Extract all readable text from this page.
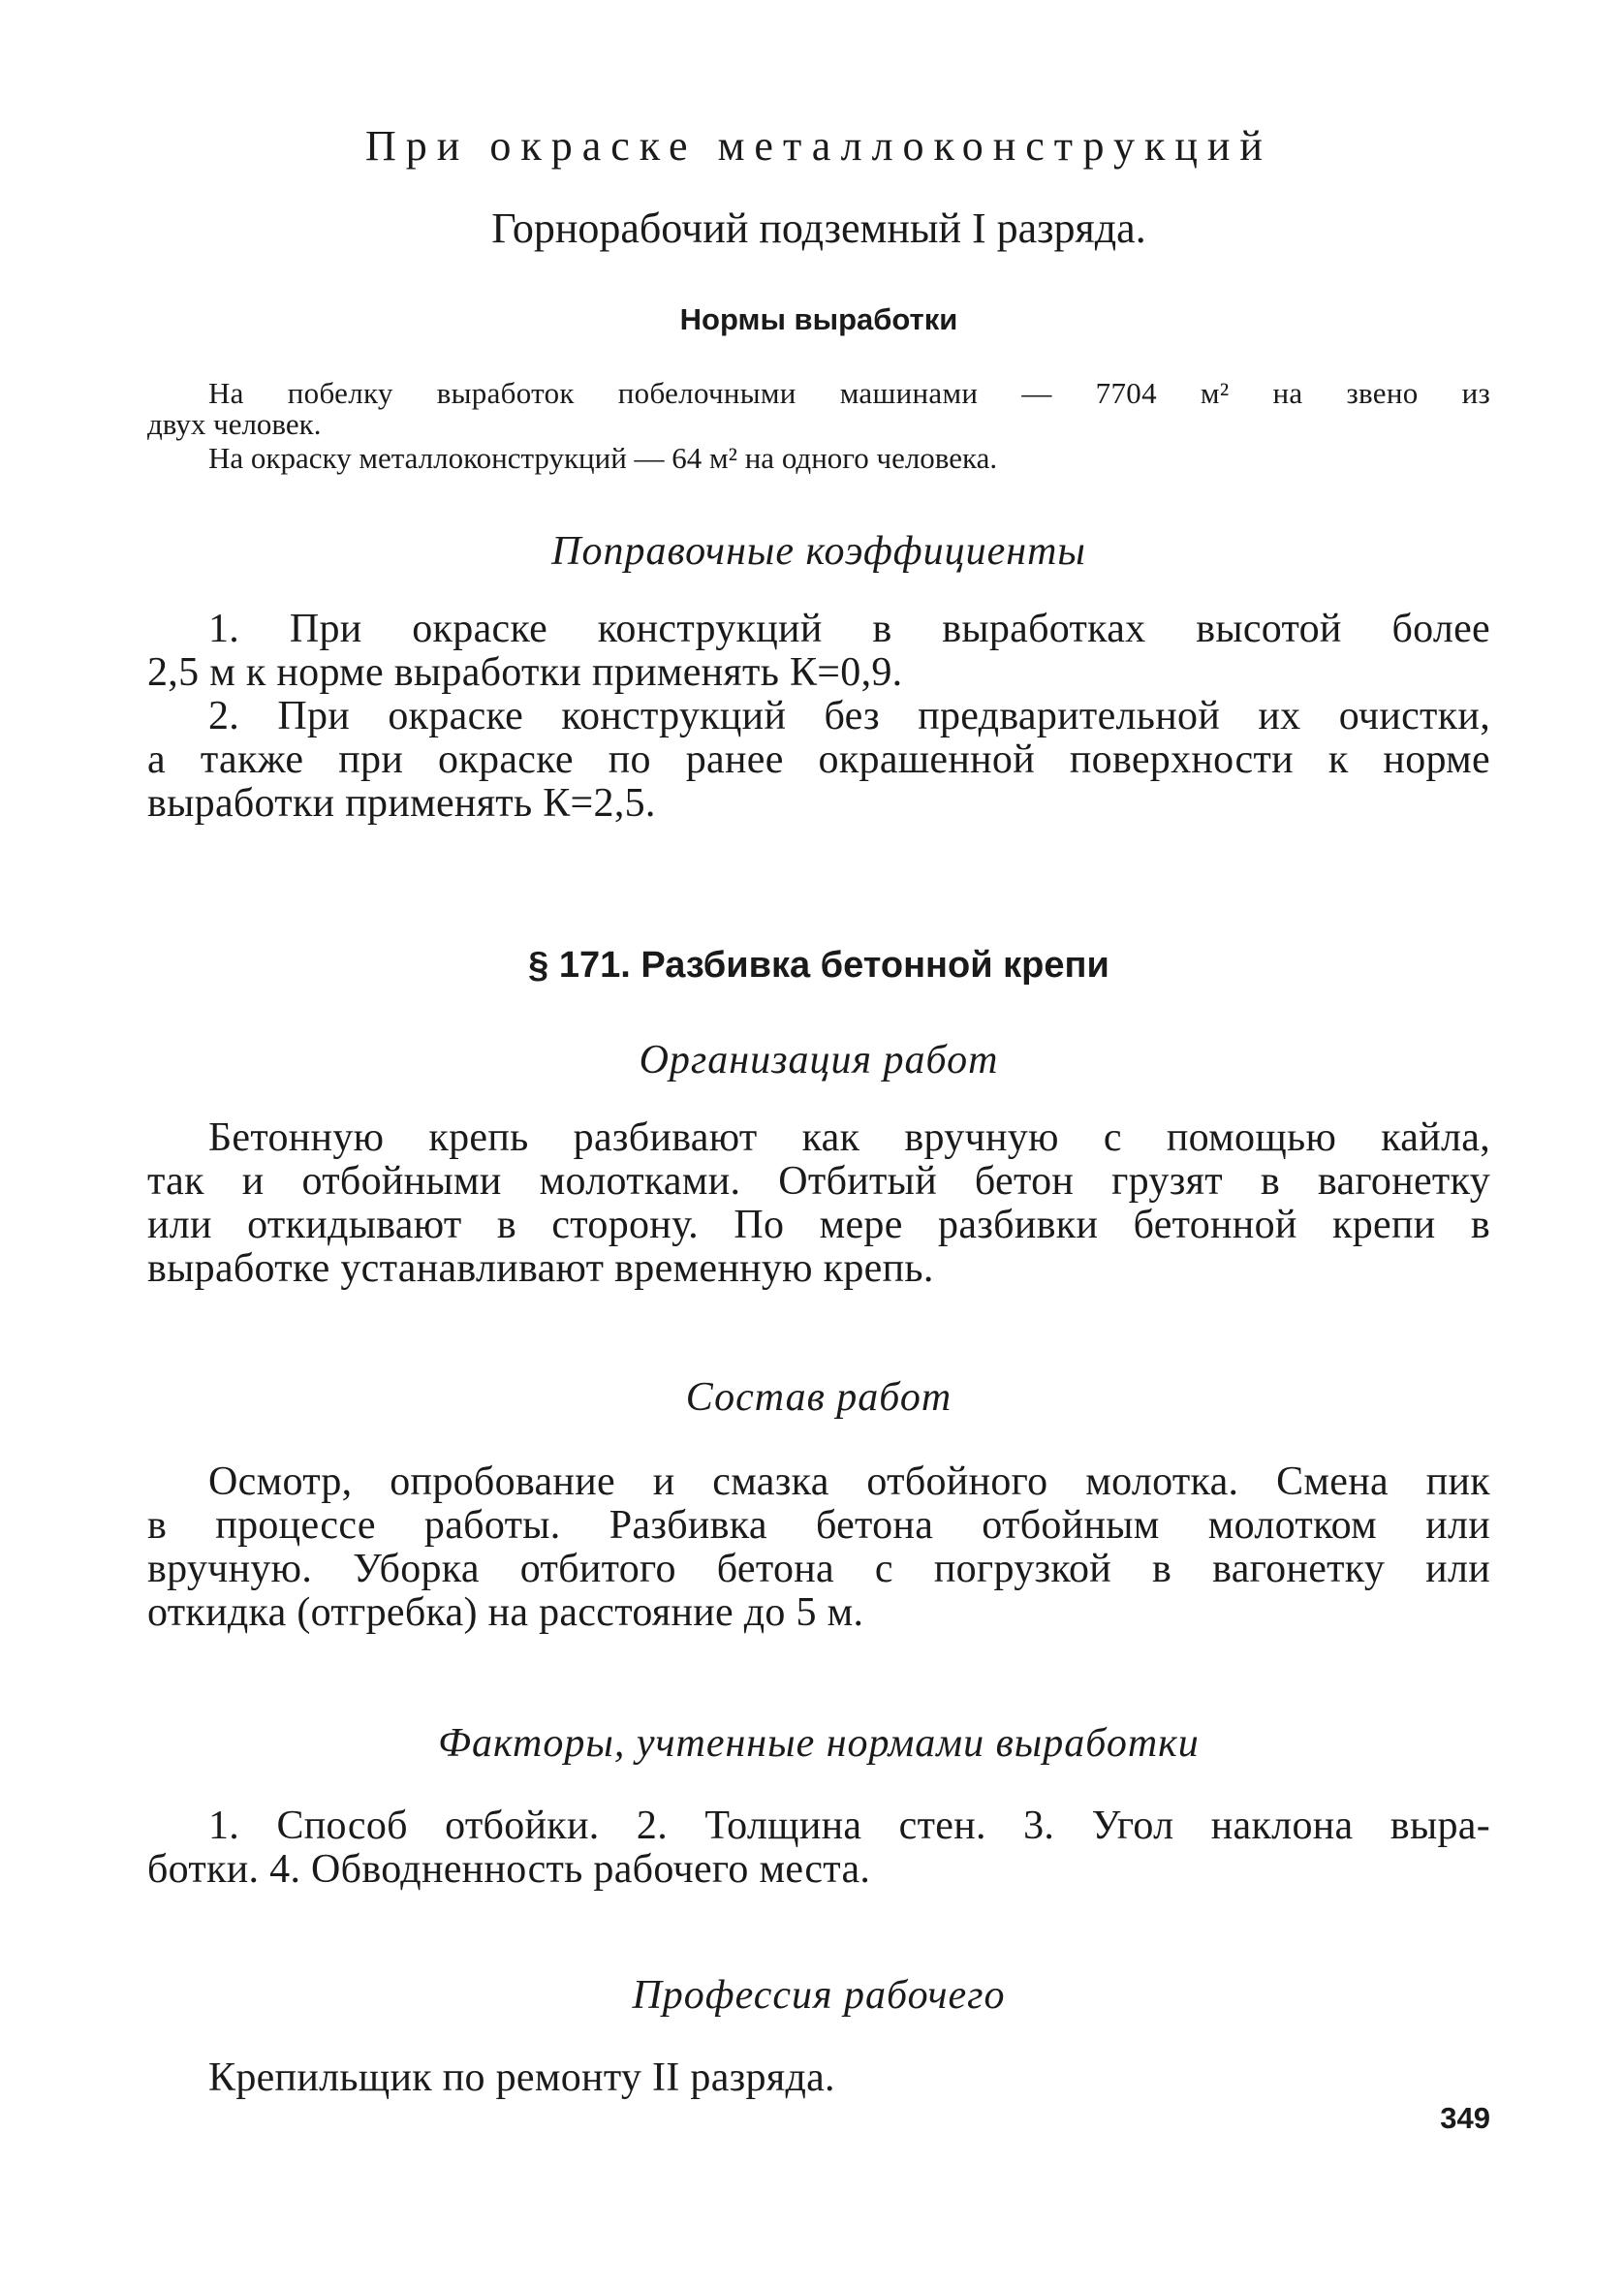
При окраске металлоконструкций
Горнорабочий подземный I разряда.
Нормы выработки
На побелку выработок побелочными машинами — 7704 м² на звено из
двух человек.
На окраску металлоконструкций — 64 м² на одного человека.
Поправочные коэффициенты
1. При окраске конструкций в выработках высотой более
2,5 м к норме выработки применять К=0,9.
2. При окраске конструкций без предварительной их очистки,
а также при окраске по ранее окрашенной поверхности к норме
выработки применять К=2,5.
§ 171. Разбивка бетонной крепи
Организация работ
Бетонную крепь разбивают как вручную с помощью кайла,
так и отбойными молотками. Отбитый бетон грузят в вагонетку
или откидывают в сторону. По мере разбивки бетонной крепи в
выработке устанавливают временную крепь.
Состав работ
Осмотр, опробование и смазка отбойного молотка. Смена пик
в процессе работы. Разбивка бетона отбойным молотком или
вручную. Уборка отбитого бетона с погрузкой в вагонетку или
откидка (отгребка) на расстояние до 5 м.
Факторы, учтенные нормами выработки
1. Способ отбойки. 2. Толщина стен. 3. Угол наклона выра-
ботки. 4. Обводненность рабочего места.
Профессия рабочего
Крепильщик по ремонту II разряда.
349
